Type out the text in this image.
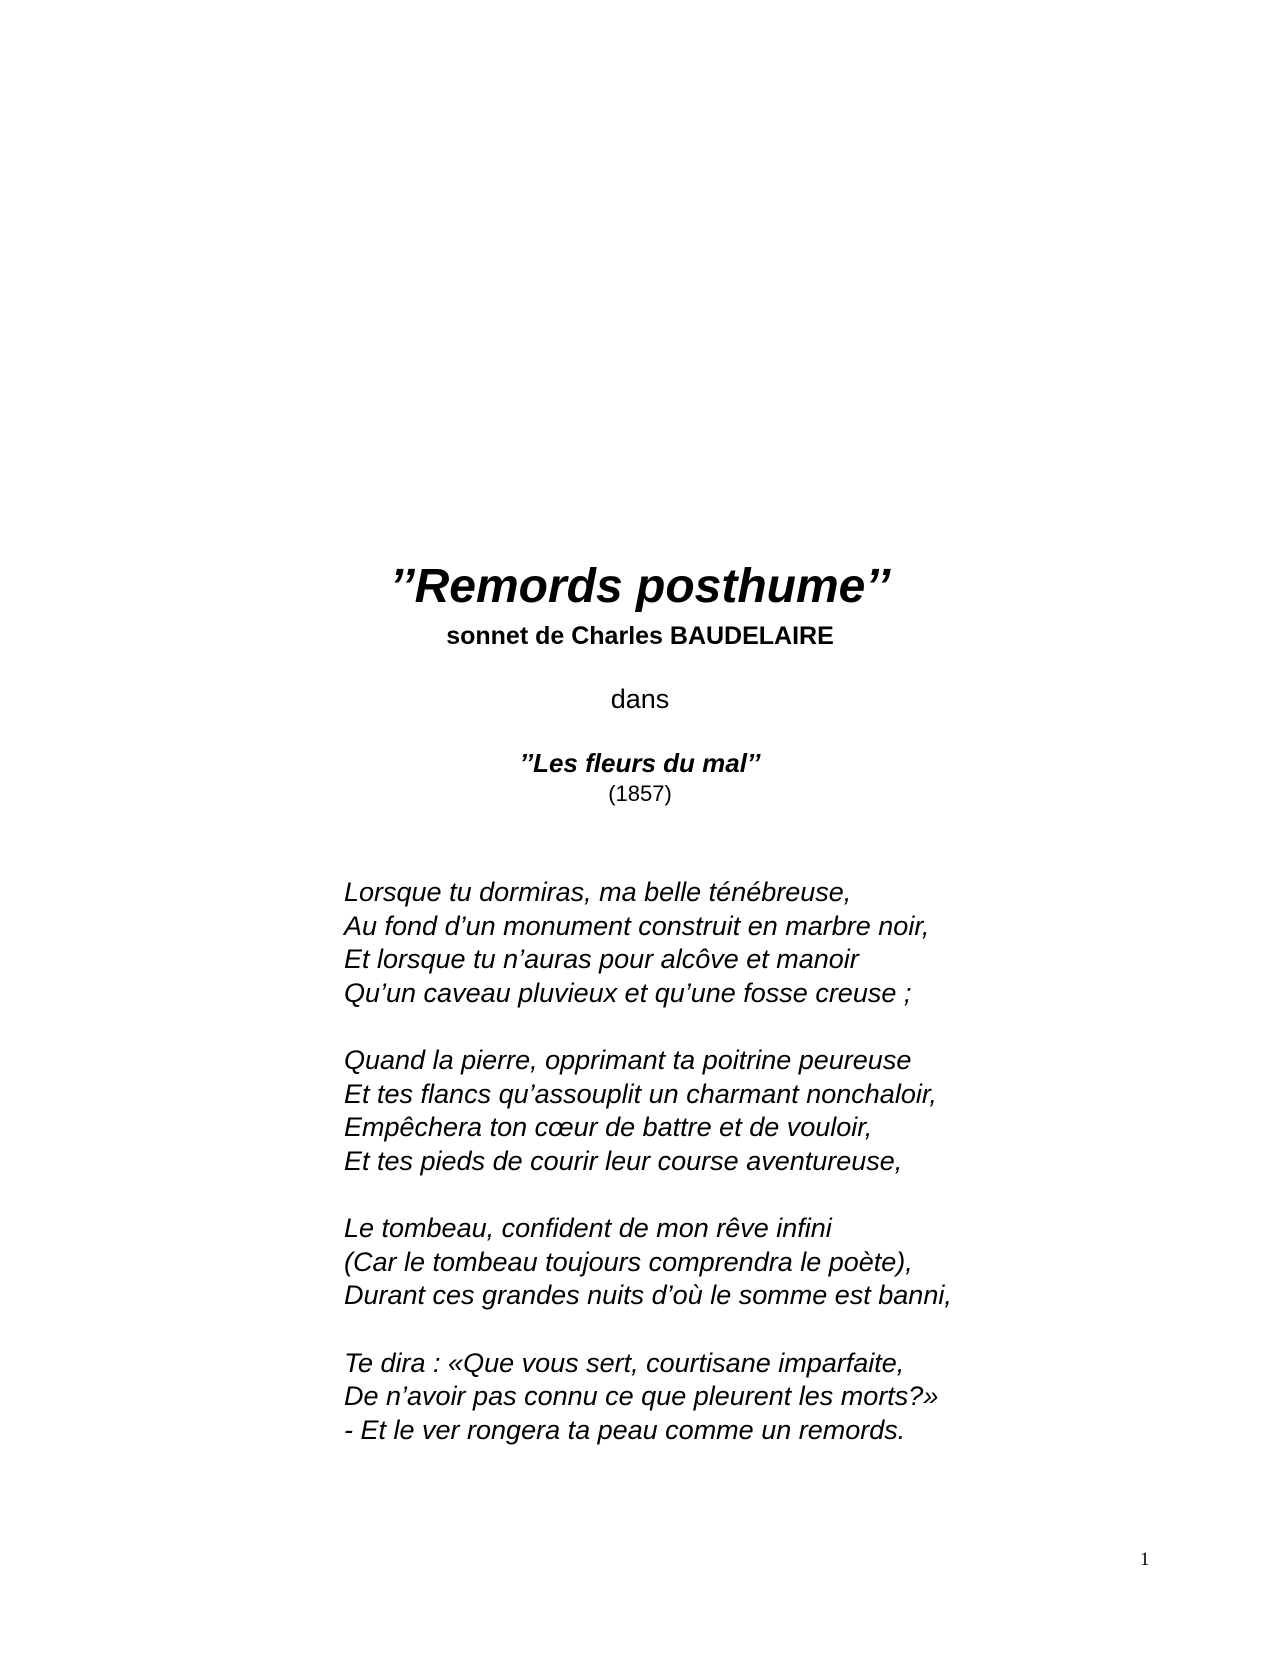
’’Remords posthume’’
sonnet de Charles BAUDELAIRE
dans
’’Les fleurs du mal’’
(1857)
Lorsque tu dormiras, ma belle ténébreuse,
Au fond d’un monument construit en marbre noir,
Et lorsque tu n’auras pour alcôve et manoir
Qu’un caveau pluvieux et qu’une fosse creuse ;
Quand la pierre, opprimant ta poitrine peureuse
Et tes flancs qu’assouplit un charmant nonchaloir,
Empêchera ton cœur de battre et de vouloir,
Et tes pieds de courir leur course aventureuse,
Le tombeau, confident de mon rêve infini
(Car le tombeau toujours comprendra le poète),
Durant ces grandes nuits d’où le somme est banni,
Te dira : «Que vous sert, courtisane imparfaite,
De n’avoir pas connu ce que pleurent les morts?»
- Et le ver rongera ta peau comme un remords.
1
